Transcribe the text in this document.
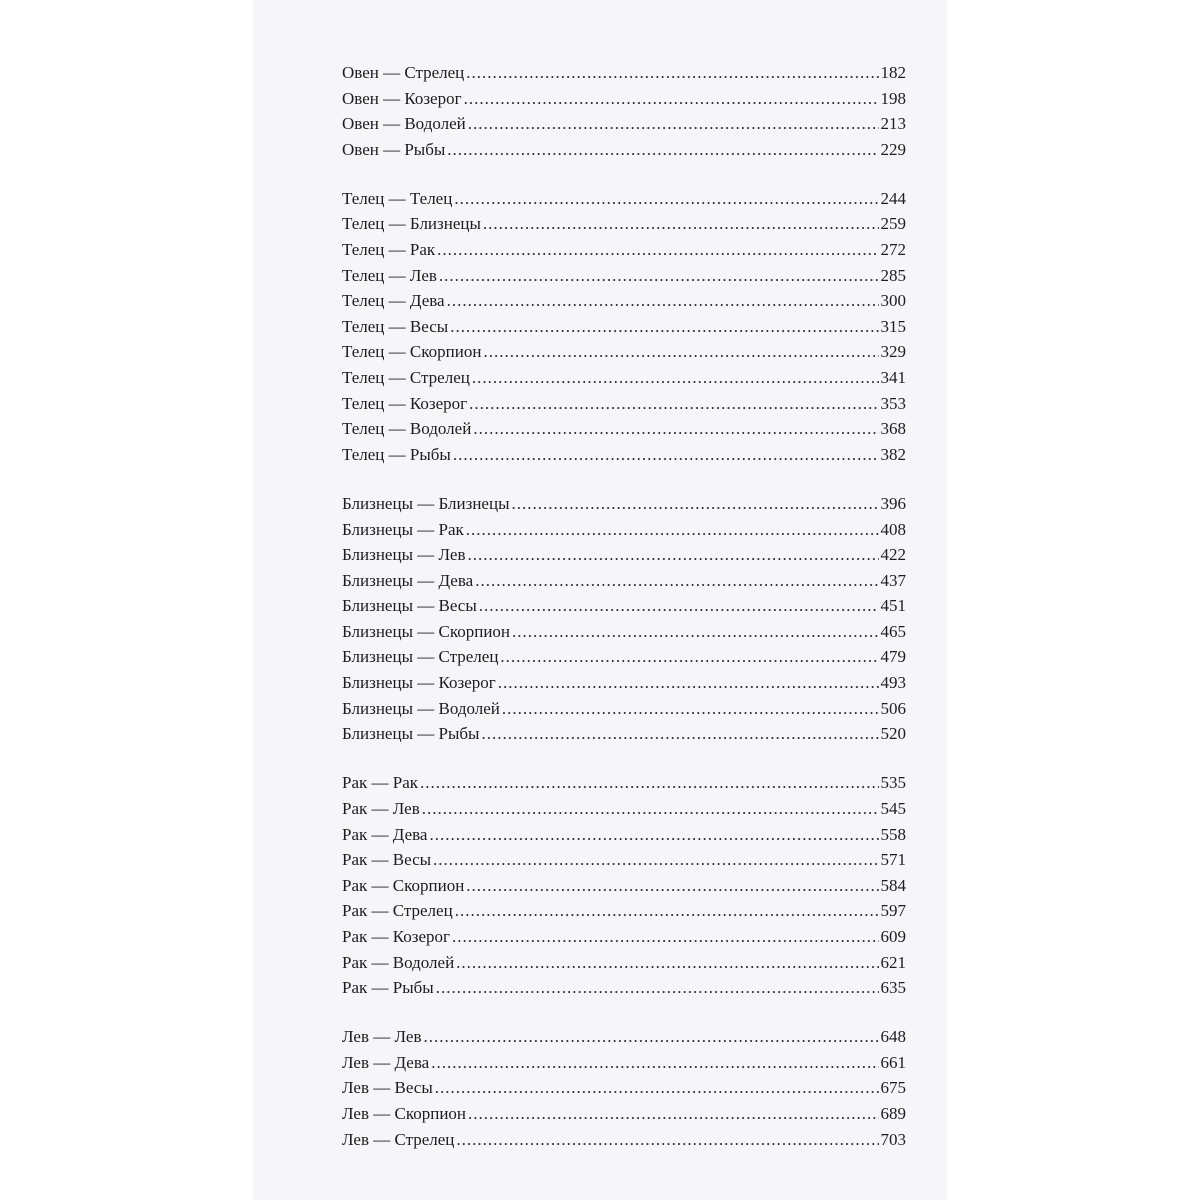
Овен — Стрелец .....	182
Овен — Козерог .....	198
Овен — Водолей .....	213
Овен — Рыбы .....	229
Телец — Телец .....	244
Телец — Близнецы .....	259
Телец — Рак .....	272
Телец — Лев .....	285
Телец — Дева .....	300
Телец — Весы .....	315
Телец — Скорпион .....	329
Телец — Стрелец .....	341
Телец — Козерог .....	353
Телец — Водолей .....	368
Телец — Рыбы .....	382
Близнецы — Близнецы .....	396
Близнецы — Рак .....	408
Близнецы — Лев .....	422
Близнецы — Дева .....	437
Близнецы — Весы .....	451
Близнецы — Скорпион .....	465
Близнецы — Стрелец .....	479
Близнецы — Козерог .....	493
Близнецы — Водолей .....	506
Близнецы — Рыбы .....	520
Рак — Рак .....	535
Рак — Лев .....	545
Рак — Дева .....	558
Рак — Весы .....	571
Рак — Скорпион .....	584
Рак — Стрелец .....	597
Рак — Козерог .....	609
Рак — Водолей .....	621
Рак — Рыбы .....	635
Лев — Лев .....	648
Лев — Дева .....	661
Лев — Весы .....	675
Лев — Скорпион .....	689
Лев — Стрелец .....	703
